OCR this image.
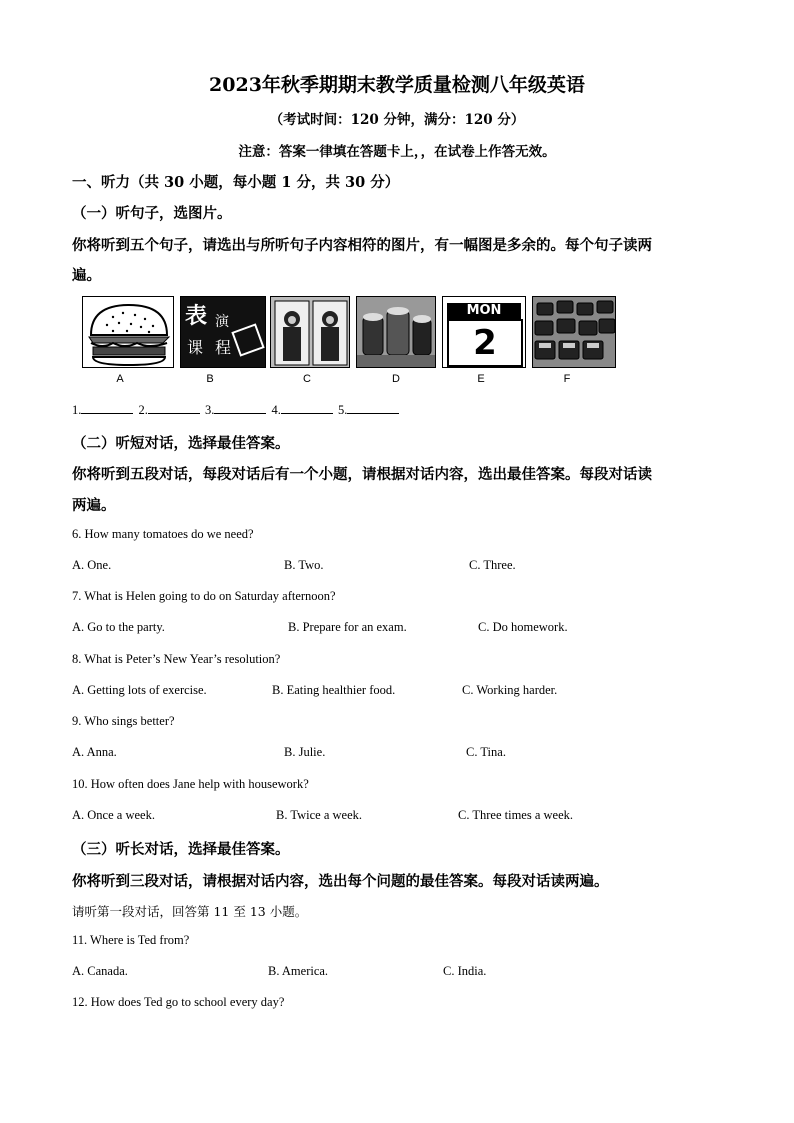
2023年秋季期期末教学质量检测八年级英语
（考试时间：120 分钟，满分：120 分）
注意：答案一律填在答题卡上，，在试卷上作答无效。
一、听力（共 30 小题，每小题 1 分，共 30 分）
（一）听句子，选图片。
你将听到五个句子，请选出与所听句子内容相符的图片，有一幅图是多余的。每个句子读两
遍。
表 演
课 程
MON
2
A	B	C	D	E	F
1.	2.	3.	4.	5.
（二）听短对话，选择最佳答案。
你将听到五段对话，每段对话后有一个小题，请根据对话内容，选出最佳答案。每段对话读
两遍。
6. How many tomatoes do we need?
A. One.	B. Two.	C. Three.
7. What is Helen going to do on Saturday afternoon?
A. Go to the party.	B. Prepare for an exam.	C. Do homework.
8. What is Peter’s New Year’s resolution?
A. Getting lots of exercise.	B. Eating healthier food.	C. Working harder.
9. Who sings better?
A. Anna.	B. Julie.	C. Tina.
10. How often does Jane help with housework?
A. Once a week.	B. Twice a week.	C. Three times a week.
（三）听长对话，选择最佳答案。
你将听到三段对话，请根据对话内容，选出每个问题的最佳答案。每段对话读两遍。
请听第一段对话，回答第 11 至 13 小题。
11. Where is Ted from?
A. Canada.	B. America.	C. India.
12. How does Ted go to school every day?
